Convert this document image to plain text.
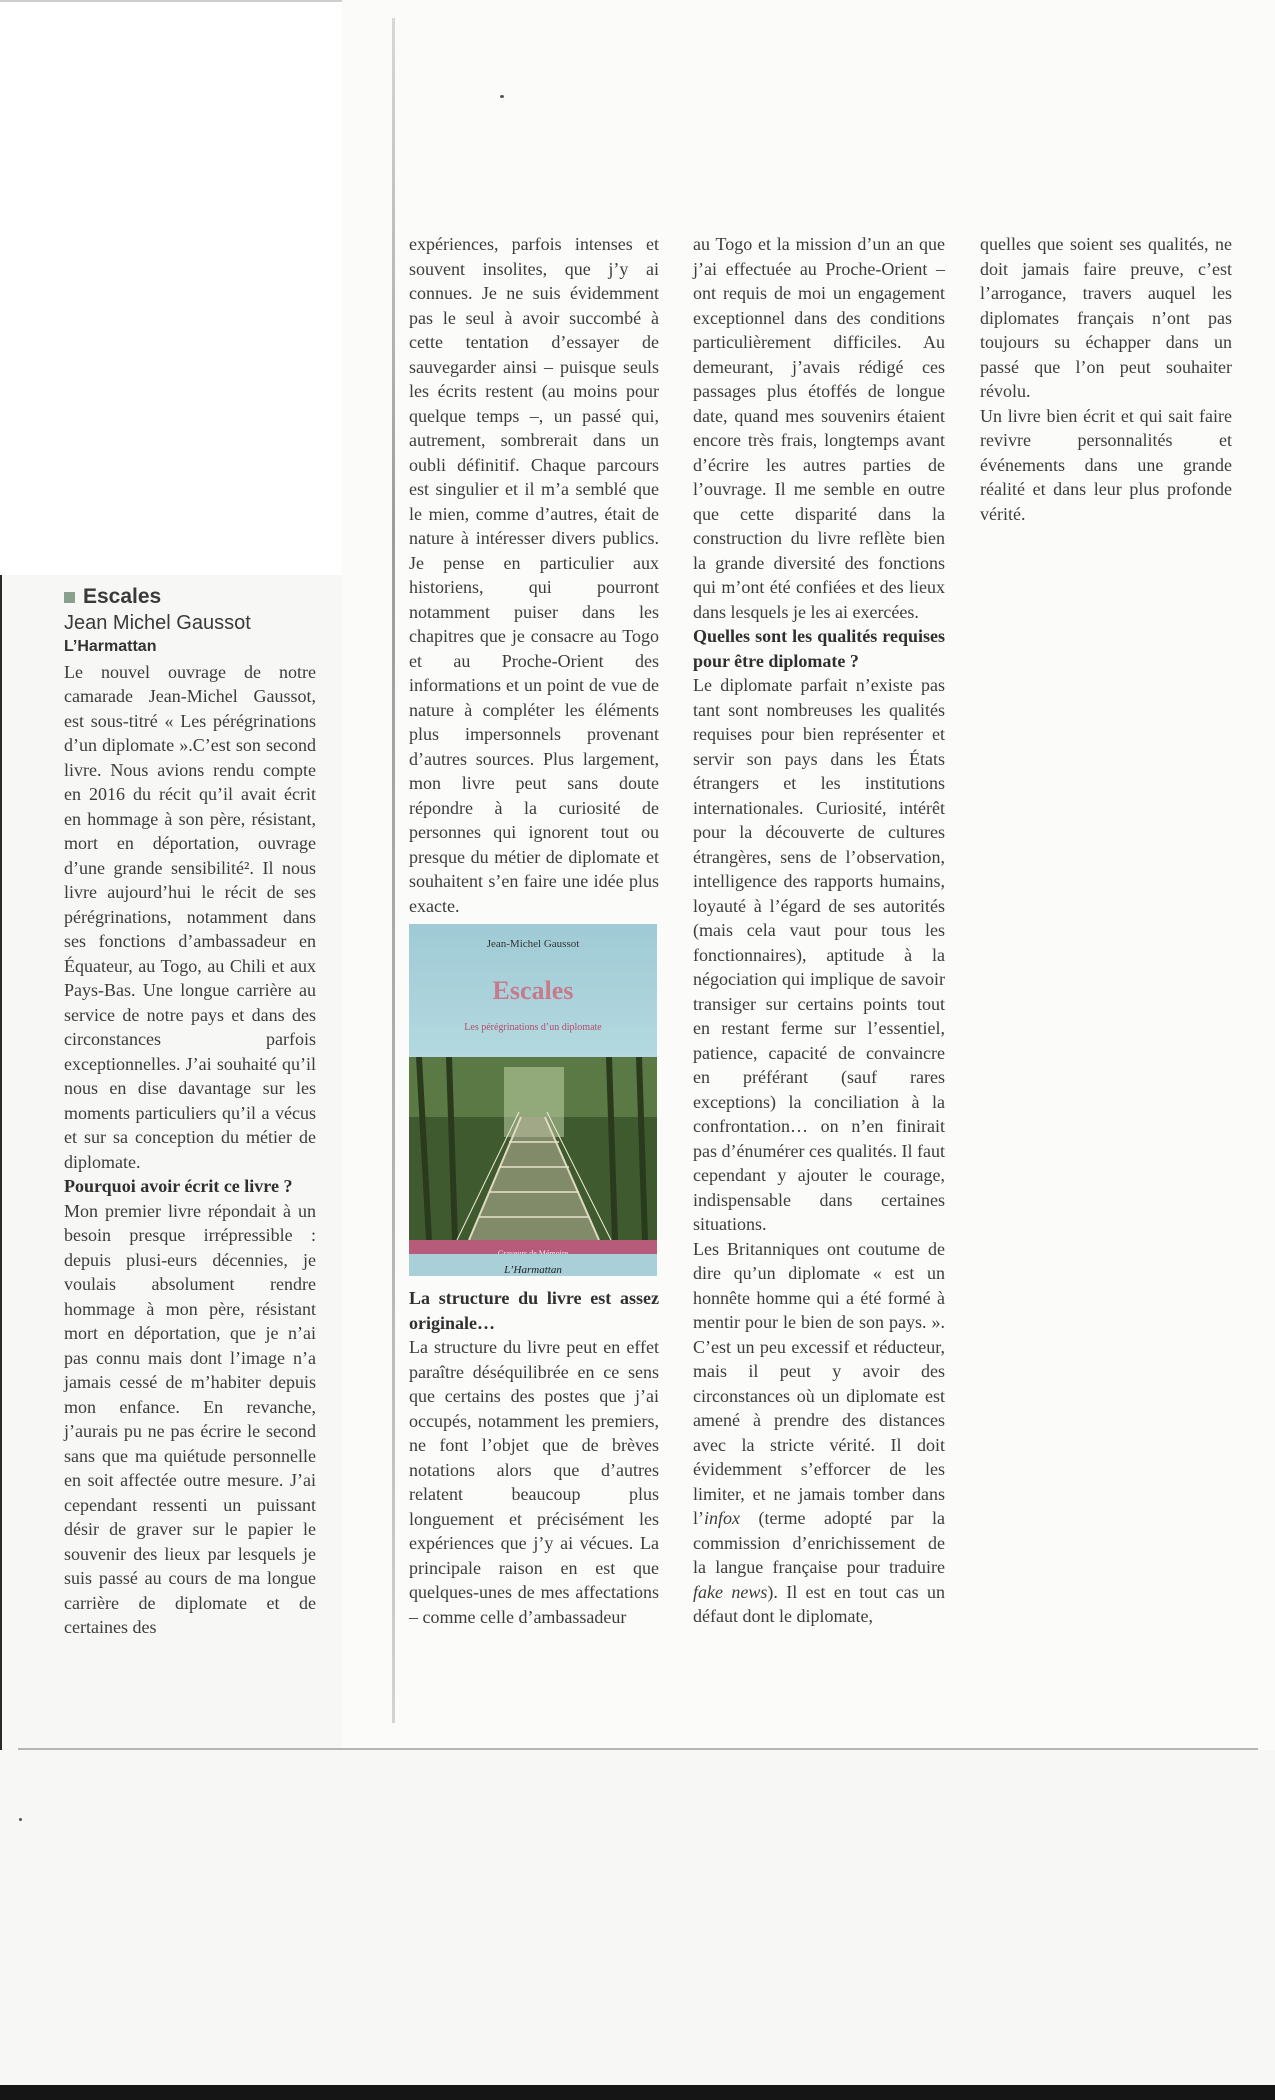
Escales
Jean Michel Gaussot
L’Harmattan

Le nouvel ouvrage de notre camarade Jean-Michel Gaussot, est sous-titré « Les pérégrinations d’un diplomate ».C’est son second livre. Nous avions rendu compte en 2016 du récit qu’il avait écrit en hommage à son père, résistant, mort en déportation, ouvrage d’une grande sensibilité². Il nous livre aujourd’hui le récit de ses pérégrinations, notamment dans ses fonctions d’ambassadeur en Équateur, au Togo, au Chili et aux Pays-Bas. Une longue carrière au service de notre pays et dans des circonstances parfois exceptionnelles. J’ai souhaité qu’il nous en dise davantage sur les moments particuliers qu’il a vécus et sur sa conception du métier de diplomate.

Pourquoi avoir écrit ce livre ?

Mon premier livre répondait à un besoin presque irrépressible : depuis plusi-eurs décennies, je voulais absolument rendre hommage à mon père, résistant mort en déportation, que je n’ai pas connu mais dont l’image n’a jamais cessé de m’habiter depuis mon enfance. En revanche, j’aurais pu ne pas écrire le second sans que ma quiétude personnelle en soit affectée outre mesure. J’ai cependant ressenti un puissant désir de graver sur le papier le souvenir des lieux par lesquels je suis passé au cours de ma longue carrière de diplomate et de certaines des

expériences, parfois intenses et souvent insolites, que j’y ai connues. Je ne suis évidemment pas le seul à avoir succombé à cette tentation d’essayer de sauvegarder ainsi – puisque seuls les écrits restent (au moins pour quelque temps –, un passé qui, autrement, sombrerait dans un oubli définitif. Chaque parcours est singulier et il m’a semblé que le mien, comme d’autres, était de nature à intéresser divers publics. Je pense en particulier aux historiens, qui pourront notamment puiser dans les chapitres que je consacre au Togo et au Proche-Orient des informations et un point de vue de nature à compléter les éléments plus impersonnels provenant d’autres sources. Plus largement, mon livre peut sans doute répondre à la curiosité de personnes qui ignorent tout ou presque du métier de diplomate et souhaitent s’en faire une idée plus exacte.

Jean-Michel Gaussot
Escales
Les pérégrinations d’un diplomate
L’Harmattan

La structure du livre est assez originale…

La structure du livre peut en effet paraître déséquilibrée en ce sens que certains des postes que j’ai occupés, notamment les premiers, ne font l’objet que de brèves notations alors que d’autres relatent beaucoup plus longuement et précisément les expériences que j’y ai vécues. La principale raison en est que quelques-unes de mes affectations – comme celle d’ambassadeur

au Togo et la mission d’un an que j’ai effectuée au Proche-Orient – ont requis de moi un engagement exceptionnel dans des conditions particulièrement difficiles. Au demeurant, j’avais rédigé ces passages plus étoffés de longue date, quand mes souvenirs étaient encore très frais, longtemps avant d’écrire les autres parties de l’ouvrage. Il me semble en outre que cette disparité dans la construction du livre reflète bien la grande diversité des fonctions qui m’ont été confiées et des lieux dans lesquels je les ai exercées.

Quelles sont les qualités requises pour être diplomate ?

Le diplomate parfait n’existe pas tant sont nombreuses les qualités requises pour bien représenter et servir son pays dans les États étrangers et les institutions internationales. Curiosité, intérêt pour la découverte de cultures étrangères, sens de l’observation, intelligence des rapports humains, loyauté à l’égard de ses autorités (mais cela vaut pour tous les fonctionnaires), aptitude à la négociation qui implique de savoir transiger sur certains points tout en restant ferme sur l’essentiel, patience, capacité de convaincre en préférant (sauf rares exceptions) la conciliation à la confrontation… on n’en finirait pas d’énumérer ces qualités. Il faut cependant y ajouter le courage, indispensable dans certaines situations.

Les Britanniques ont coutume de dire qu’un diplomate « est un honnête homme qui a été formé à mentir pour le bien de son pays. ». C’est un peu excessif et réducteur, mais il peut y avoir des circonstances où un diplomate est amené à prendre des distances avec la stricte vérité. Il doit évidemment s’efforcer de les limiter, et ne jamais tomber dans l’infox (terme adopté par la commission d’enrichissement de la langue française pour traduire fake news). Il est en tout cas un défaut dont le diplomate,

quelles que soient ses qualités, ne doit jamais faire preuve, c’est l’arrogance, travers auquel les diplomates français n’ont pas toujours su échapper dans un passé que l’on peut souhaiter révolu.

Un livre bien écrit et qui sait faire revivre personnalités et événements dans une grande réalité et dans leur plus profonde vérité.
